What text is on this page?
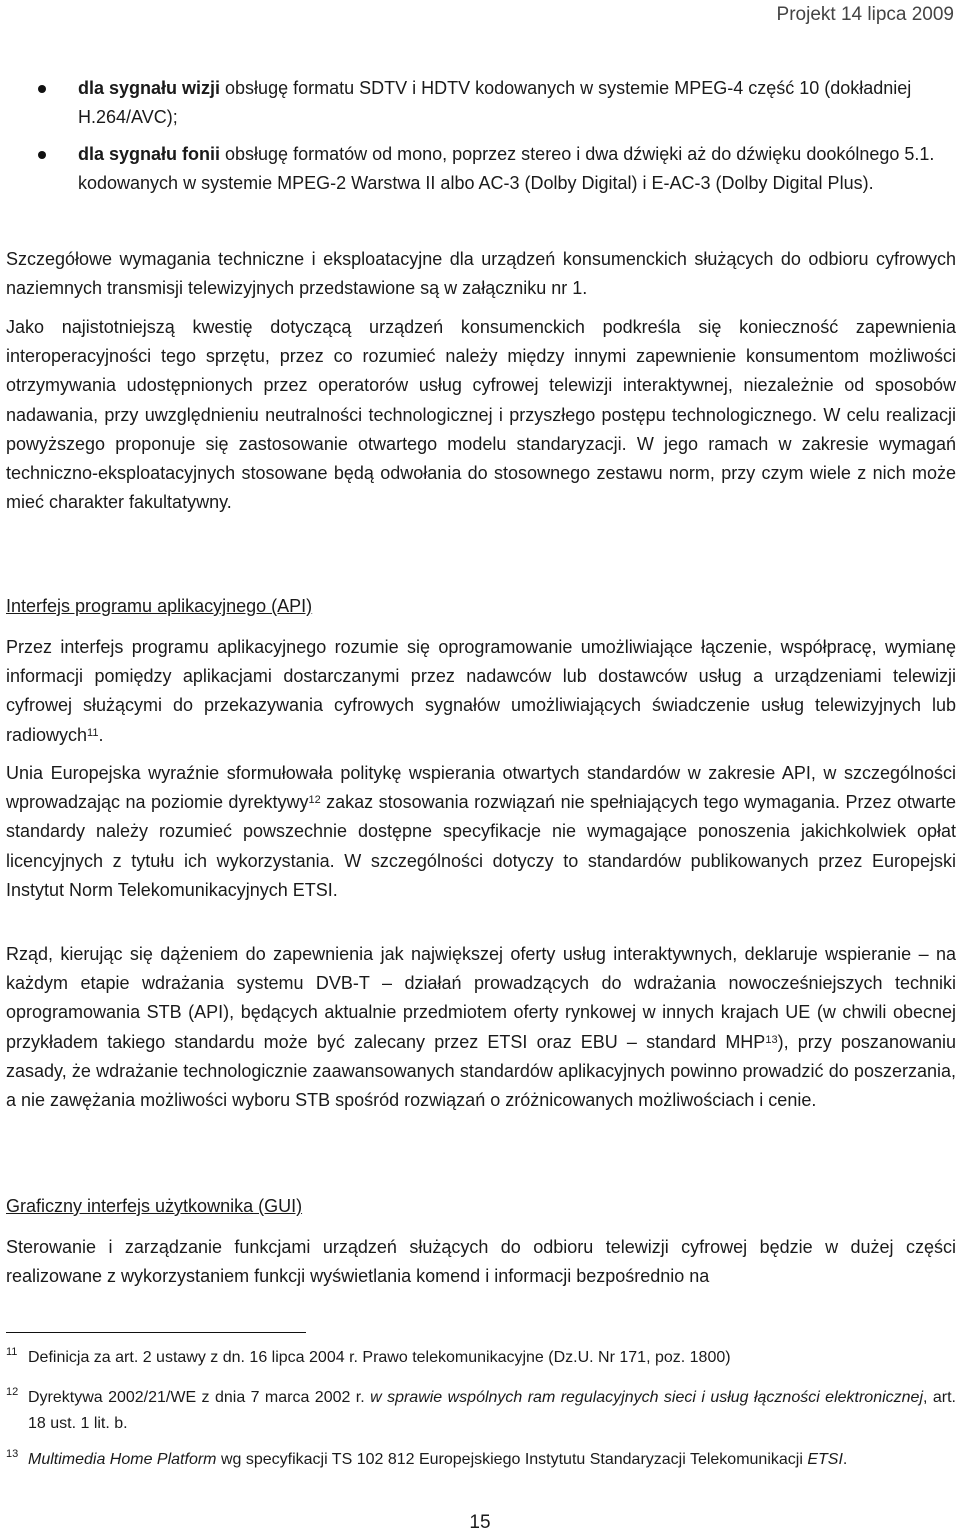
Projekt 14 lipca 2009
dla sygnału wizji obsługę formatu SDTV i HDTV kodowanych w systemie MPEG-4 część 10 (dokładniej H.264/AVC);
dla sygnału fonii obsługę formatów od mono, poprzez stereo i dwa dźwięki aż do dźwięku dookólnego 5.1. kodowanych w systemie MPEG-2 Warstwa II albo AC-3 (Dolby Digital) i E-AC-3 (Dolby Digital Plus).
Szczegółowe wymagania techniczne i eksploatacyjne dla urządzeń konsumenckich służących do odbioru cyfrowych naziemnych transmisji telewizyjnych przedstawione są w załączniku nr 1.
Jako najistotniejszą kwestię dotyczącą urządzeń konsumenckich podkreśla się konieczność zapewnienia interoperacyjności tego sprzętu, przez co rozumieć należy między innymi zapewnienie konsumentom możliwości otrzymywania udostępnionych przez operatorów usług cyfrowej telewizji interaktywnej, niezależnie od sposobów nadawania, przy uwzględnieniu neutralności technologicznej i przyszłego postępu technologicznego. W celu realizacji powyższego proponuje się zastosowanie otwartego modelu standaryzacji. W jego ramach w zakresie wymagań techniczno-eksploatacyjnych stosowane będą odwołania do stosownego zestawu norm, przy czym wiele z nich może mieć charakter fakultatywny.
Interfejs programu aplikacyjnego (API)
Przez interfejs programu aplikacyjnego rozumie się oprogramowanie umożliwiające łączenie, współpracę, wymianę informacji pomiędzy aplikacjami dostarczanymi przez nadawców lub dostawców usług a urządzeniami telewizji cyfrowej służącymi do przekazywania cyfrowych sygnałów umożliwiających świadczenie usług telewizyjnych lub radiowych$^{11}$.
Unia Europejska wyraźnie sformułowała politykę wspierania otwartych standardów w zakresie API, w szczególności wprowadzając na poziomie dyrektywy$^{12}$ zakaz stosowania rozwiązań nie spełniających tego wymagania. Przez otwarte standardy należy rozumieć powszechnie dostępne specyfikacje nie wymagające ponoszenia jakichkolwiek opłat licencyjnych z tytułu ich wykorzystania. W szczególności dotyczy to standardów publikowanych przez Europejski Instytut Norm Telekomunikacyjnych ETSI.
Rząd, kierując się dążeniem do zapewnienia jak największej oferty usług interaktywnych, deklaruje wspieranie – na każdym etapie wdrażania systemu DVB-T – działań prowadzących do wdrażania nowocześniejszych techniki oprogramowania STB (API), będących aktualnie przedmiotem oferty rynkowej w innych krajach UE (w chwili obecnej przykładem takiego standardu może być zalecany przez ETSI oraz EBU – standard MHP$^{13}$), przy poszanowaniu zasady, że wdrażanie technologicznie zaawansowanych standardów aplikacyjnych powinno prowadzić do poszerzania, a nie zawężania możliwości wyboru STB spośród rozwiązań o zróżnicowanych możliwościach i cenie.
Graficzny interfejs użytkownika (GUI)
Sterowanie i zarządzanie funkcjami urządzeń służących do odbioru telewizji cyfrowej będzie w dużej części realizowane z wykorzystaniem funkcji wyświetlania komend i informacji bezpośrednio na
11 Definicja za art. 2 ustawy z dn. 16 lipca 2004 r. Prawo telekomunikacyjne (Dz.U. Nr 171, poz. 1800)
12 Dyrektywa 2002/21/WE z dnia 7 marca 2002 r. w sprawie wspólnych ram regulacyjnych sieci i usług łączności elektronicznej, art. 18 ust. 1 lit. b.
13 Multimedia Home Platform wg specyfikacji TS 102 812 Europejskiego Instytutu Standaryzacji Telekomunikacji ETSI.
15
